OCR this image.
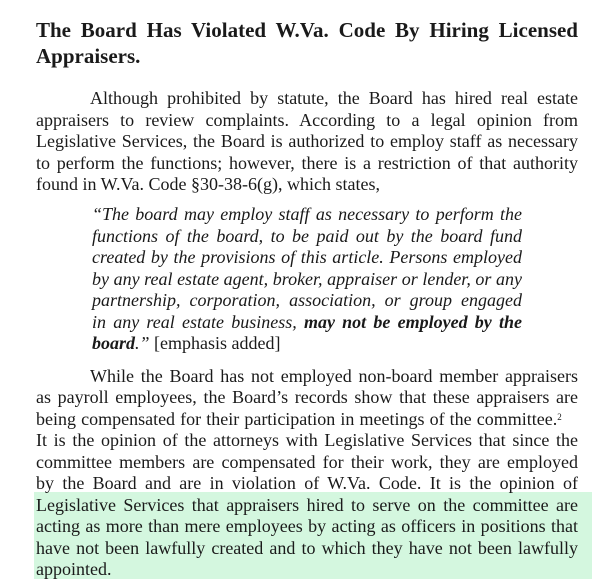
The Board Has Violated W.Va. Code By Hiring Licensed
Appraisers.
Although prohibited by statute, the Board has hired real estate
appraisers to review complaints. According to a legal opinion from
Legislative Services, the Board is authorized to employ staff as necessary
to perform the functions; however, there is a restriction of that authority
found in W.Va. Code §30-38-6(g), which states,
“The board may employ staff as necessary to perform the
functions of the board, to be paid out by the board fund
created by the provisions of this article. Persons employed
by any real estate agent, broker, appraiser or lender, or any
partnership, corporation, association, or group engaged
in any real estate business, may not be employed by the
board.” [emphasis added]
While the Board has not employed non-board member appraisers
as payroll employees, the Board’s records show that these appraisers are
being compensated for their participation in meetings of the committee.$^2$
It is the opinion of the attorneys with Legislative Services that since the
committee members are compensated for their work, they are employed
by the Board and are in violation of W.Va. Code. It is the opinion of
Legislative Services that appraisers hired to serve on the committee are
acting as more than mere employees by acting as officers in positions that
have not been lawfully created and to which they have not been lawfully
appointed.
